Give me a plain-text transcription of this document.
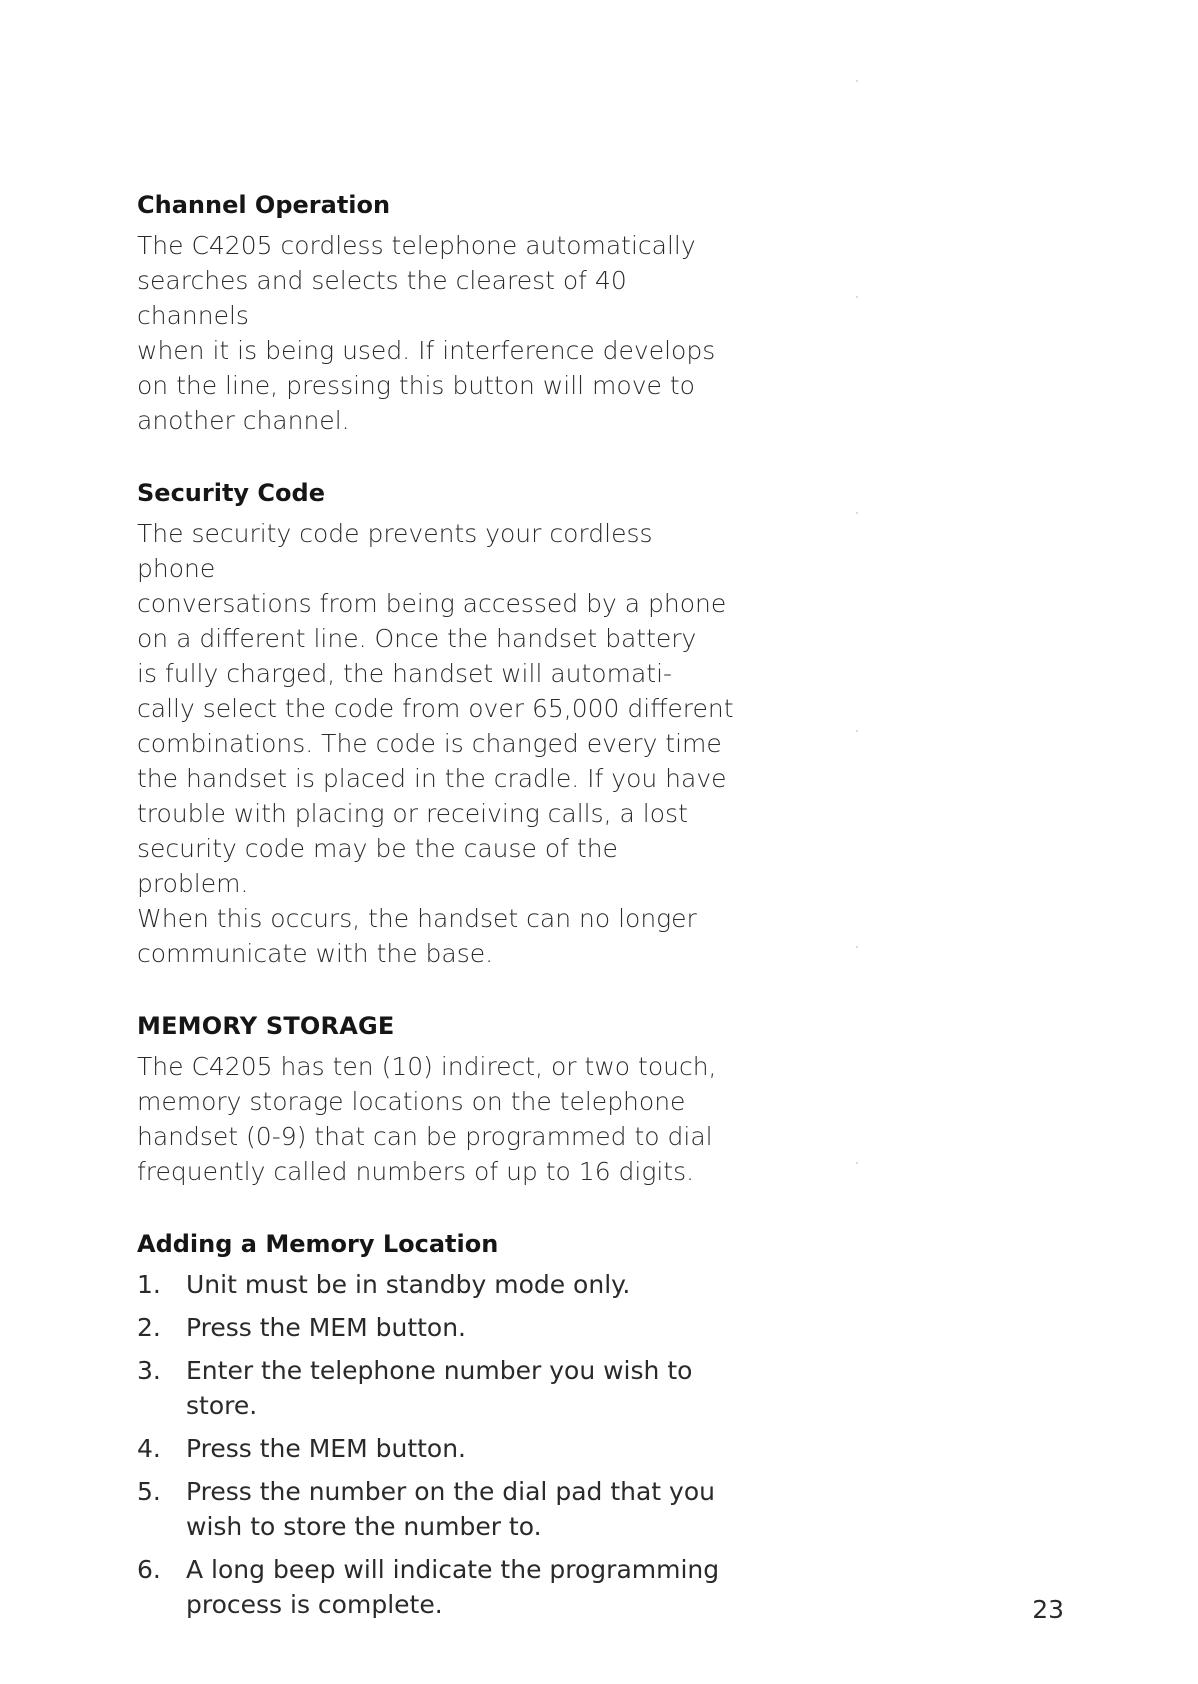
Channel Operation

The C4205 cordless telephone automatically
searches and selects the clearest of 40 channels
when it is being used. If interference develops
on the line, pressing this button will move to
another channel.

Security Code

The security code prevents your cordless phone
conversations from being accessed by a phone
on a different line. Once the handset battery
is fully charged, the handset will automati-
cally select the code from over 65,000 different
combinations. The code is changed every time
the handset is placed in the cradle. If you have
trouble with placing or receiving calls, a lost
security code may be the cause of the problem.
When this occurs, the handset can no longer
communicate with the base.

MEMORY STORAGE

The C4205 has ten (10) indirect, or two touch,
memory storage locations on the telephone
handset (0-9) that can be programmed to dial
frequently called numbers of up to 16 digits.

Adding a Memory Location
1.	Unit must be in standby mode only.
2.	Press the MEM button.
3.	Enter the telephone number you wish to store.
4.	Press the MEM button.
5.	Press the number on the dial pad that you
wish to store the number to.
6.	A long beep will indicate the programming
process is complete.	23
